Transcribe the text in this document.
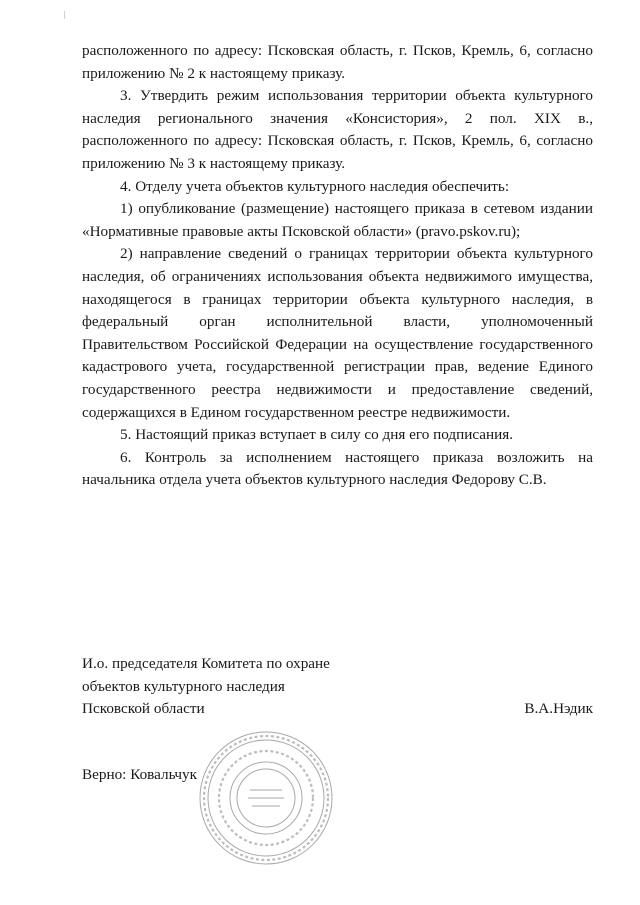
расположенного по адресу: Псковская область, г. Псков, Кремль, 6, согласно приложению № 2 к настоящему приказу.

3. Утвердить режим использования территории объекта культурного наследия регионального значения «Консистория», 2 пол. XIX в., расположенного по адресу: Псковская область, г. Псков, Кремль, 6, согласно приложению № 3 к настоящему приказу.

4. Отделу учета объектов культурного наследия обеспечить:

1) опубликование (размещение) настоящего приказа в сетевом издании «Нормативные правовые акты Псковской области» (pravo.pskov.ru);

2) направление сведений о границах территории объекта культурного наследия, об ограничениях использования объекта недвижимого имущества, находящегося в границах территории объекта культурного наследия, в федеральный орган исполнительной власти, уполномоченный Правительством Российской Федерации на осуществление государственного кадастрового учета, государственной регистрации прав, ведение Единого государственного реестра недвижимости и предоставление сведений, содержащихся в Едином государственном реестре недвижимости.

5. Настоящий приказ вступает в силу со дня его подписания.

6. Контроль за исполнением настоящего приказа возложить на начальника отдела учета объектов культурного наследия Федорову С.В.

И.о. председателя Комитета по охране
объектов культурного наследия
Псковской области	В.А.Нэдик
Верно: Ковальчук
